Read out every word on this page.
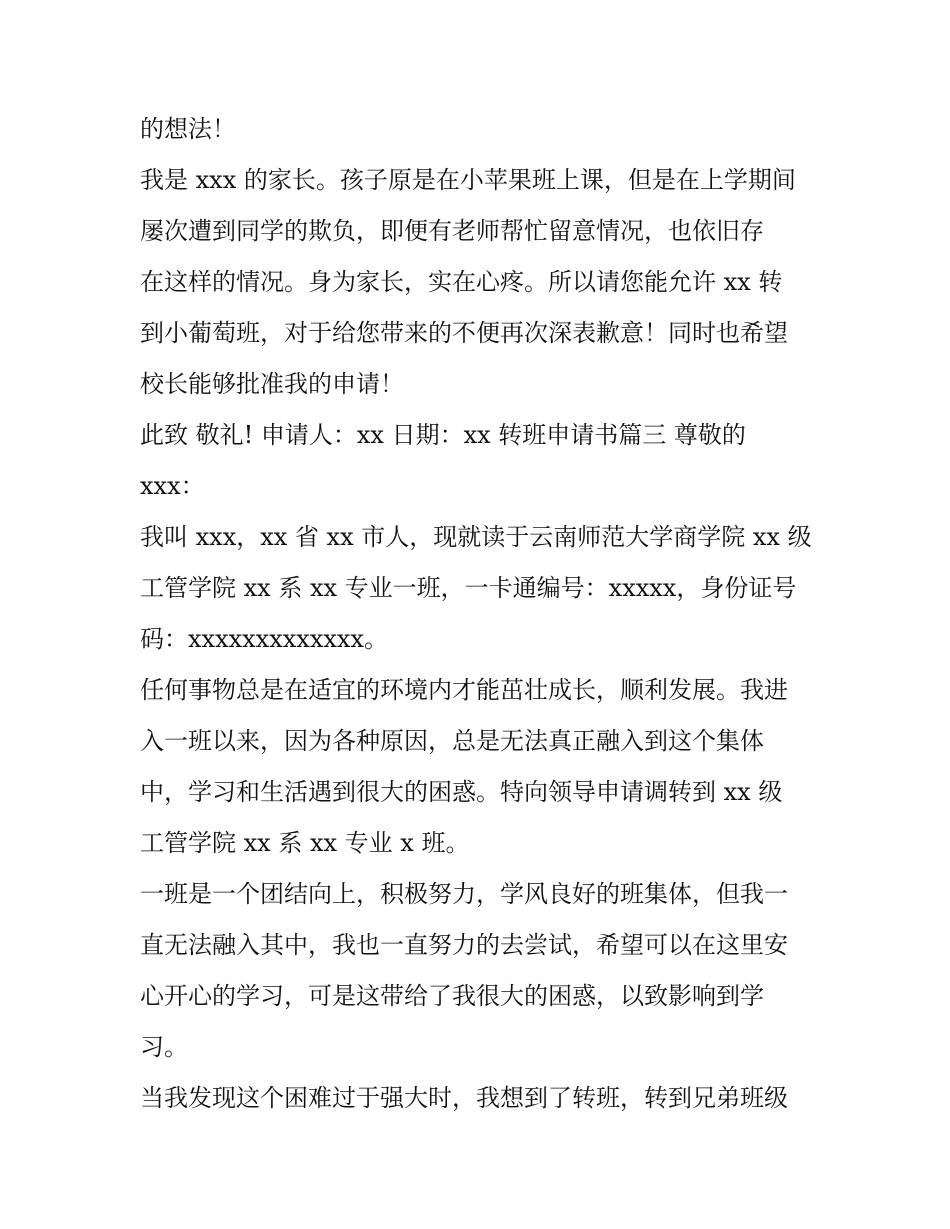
的想法！
我是 xxx 的家长。孩子原是在小苹果班上课，但是在上学期间
屡次遭到同学的欺负，即便有老师帮忙留意情况，也依旧存
在这样的情况。身为家长，实在心疼。所以请您能允许 xx 转
到小葡萄班，对于给您带来的不便再次深表歉意！同时也希望
校长能够批准我的申请！
此致 敬礼! 申请人：xx 日期：xx 转班申请书篇三 尊敬的
xxx：
我叫 xxx，xx 省 xx 市人，现就读于云南师范大学商学院 xx 级
工管学院 xx 系 xx 专业一班，一卡通编号：xxxxx，身份证号
码：xxxxxxxxxxxxx。
任何事物总是在适宜的环境内才能茁壮成长，顺利发展。我进
入一班以来，因为各种原因，总是无法真正融入到这个集体
中，学习和生活遇到很大的困惑。特向领导申请调转到 xx 级
工管学院 xx 系 xx 专业 x 班。
一班是一个团结向上，积极努力，学风良好的班集体，但我一
直无法融入其中，我也一直努力的去尝试，希望可以在这里安
心开心的学习，可是这带给了我很大的困惑，以致影响到学
习。
当我发现这个困难过于强大时，我想到了转班，转到兄弟班级
